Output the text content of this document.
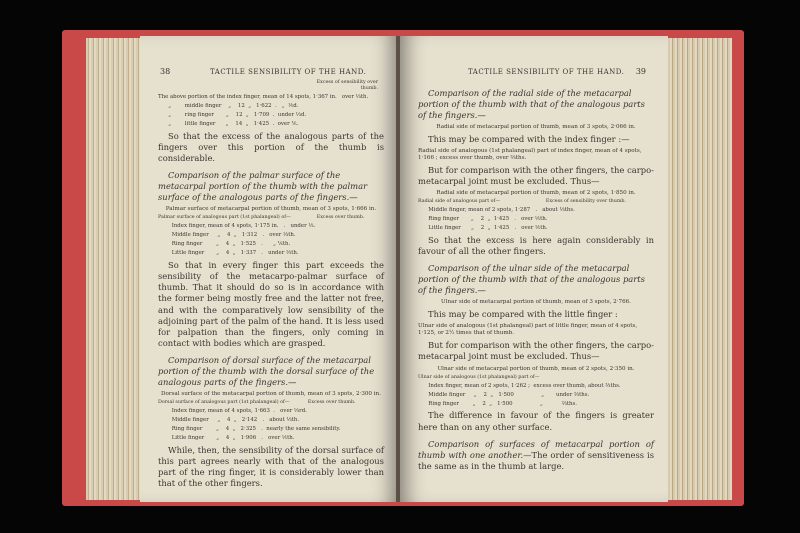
38	TACTILE SENSIBILITY OF THE HAND.
Excess of sensibility over thumb.
The above portion of the index finger, mean of 14 spots, 1·367 in.   over ⅓th.
„        middle finger    „    12  „   1·622  .   „  ⅕d.
„        ring finger       „    12  „   1·709  .  under ⅓d.
„        little finger      „    14  „   1·425  .  over ⅙.
So that the excess of the analogous parts of the fingers over this portion of the thumb is considerable.
Comparison of the palmar surface of the metacarpal portion of the thumb with the palmar surface of the analogous parts of the fingers.—
Palmar surface of metacarpal portion of thumb, mean of 3 spots, 1·666 in.
Palmar surface of analogous part (1st phalangeal) of—                 Excess over thumb.
Index finger, mean of 4 spots, 1·175 in.   .   under ⅓.
Middle finger     „    4  „   1·312   .   over ⅓th.
Ring finger        „    4  „   1·525   .      „ ⅙th.
Little finger       „    4  „   1·337   .   under ⅓th.
So that in every finger this part exceeds the sensibility of the metacarpo-palmar surface of thumb. That it should do so is in accordance with the former being mostly free and the latter not free, and with the comparatively low sensibility of the adjoining part of the palm of the hand. It is less used for palpation than the fingers, only coming in contact with bodies which are grasped.
Comparison of dorsal surface of the metacarpal portion of the thumb with the dorsal surface of the analogous parts of the fingers.—
Dorsal surface of the metacarpal portion of thumb, mean of 3 spots, 2·300 in.
Dorsal surface of analogous part (1st phalangeal) of—            Excess over thumb.
Index finger, mean of 4 spots, 1·663  .   over ⅓rd.
Middle finger     „    4  „   2·142   .   about ⅓th.
Ring finger        „    4  „   2·325   .  nearly the same sensibility.
Little finger       „    4  „   1·906   .   over ⅕th.
While, then, the sensibility of the dorsal surface of this part agrees nearly with that of the analogous part of the ring finger, it is considerably lower than that of the other fingers.
TACTILE SENSIBILITY OF THE HAND. 39
Comparison of the radial side of the metacarpal portion of the thumb with that of the analogous parts of the fingers.—
Radial side of metacarpal portion of thumb, mean of 3 spots, 2·066 in.
This may be compared with the index finger :—
Radial side of analogous (1st phalangeal) part of index finger, mean of 4 spots, 1·166 ; excess over thumb, over ⅔ths.
But for comparison with the other fingers, the carpo-metacarpal joint must be excluded. Thus—
Radial side of metacarpal portion of thumb, mean of 2 spots, 1·850 in.
Radial side of analogous part of—                              Excess of sensibility over thumb.
Middle finger, mean of 2 spots, 1·287   .   about ⅓ths.
Ring finger       „    2  „  1·425   .   over ⅕th.
Little finger      „    2  „  1·425   .   over ⅕th.
So that the excess is here again considerably in favour of all the other fingers.
Comparison of the ulnar side of the metacarpal portion of the thumb with that of the analogous parts of the fingers.—
Ulnar side of metacarpal portion of thumb, mean of 3 spots, 2·766.
This may be compared with the little finger :
Ulnar side of analogous (1st phalangeal) part of little finger, mean of 4 spots, 1·125, or 2½ times that of thumb.
But for comparison with the other fingers, the carpo-metacarpal joint must be excluded. Thus—
Ulnar side of metacarpal portion of thumb, mean of 2 spots, 2·350 in.
Ulnar side of analogous (1st phalangeal) part of—
Index finger, mean of 2 spots, 1·262 ;  excess over thumb, about ⅔ths.
Middle finger     „    2  „   1·500                „       under ⅔ths.
Ring finger        „    2  „   1·500                „           ⅔ths.
The difference in favour of the fingers is greater here than on any other surface.
Comparison of surfaces of metacarpal portion of thumb with one another.—The order of sensitiveness is the same as in the thumb at large.
